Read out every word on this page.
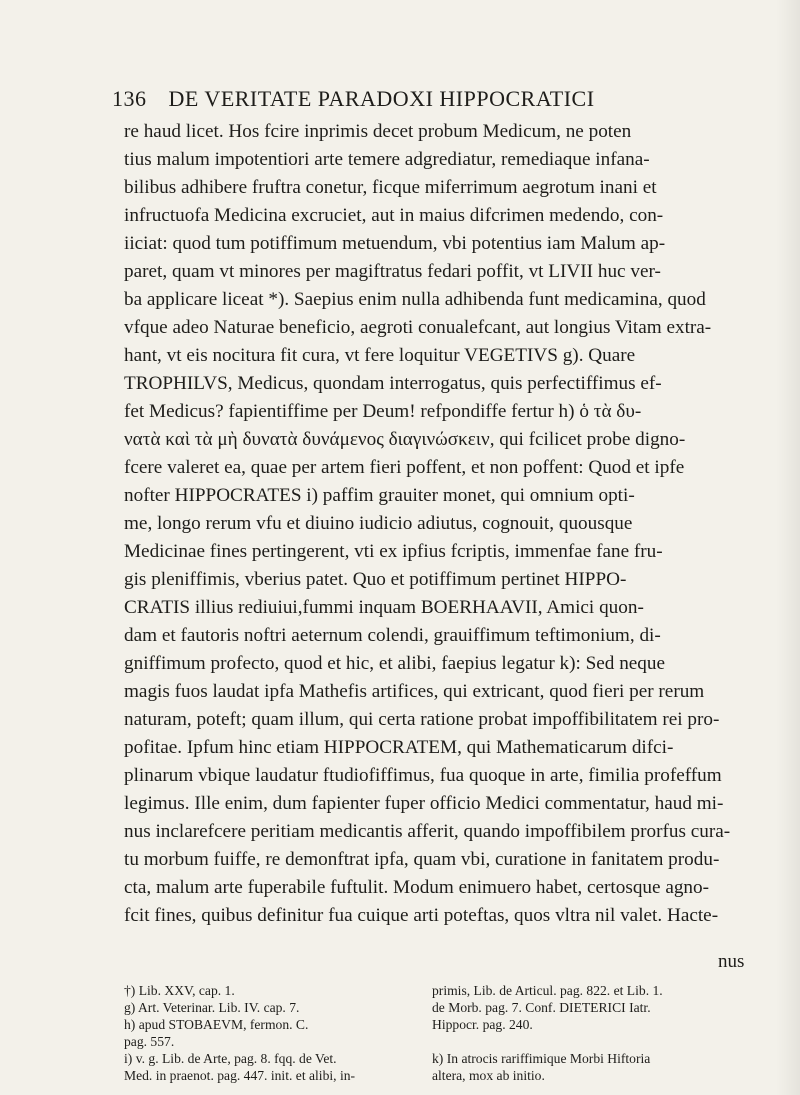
136 DE VERITATE PARADOXI HIPPOCRATICI
re haud licet. Hos fcire inprimis decet probum Medicum, ne poten
tius malum impotentiori arte temere adgrediatur, remediaque infana-
bilibus adhibere fruftra conetur, ficque miferrimum aegrotum inani et
infructuofa Medicina excruciet, aut in maius difcrimen medendo, con-
iiciat: quod tum potiffimum metuendum, vbi potentius iam Malum ap-
paret, quam vt minores per magiftratus fedari poffit, vt LIVII huc ver-
ba applicare liceat *). Saepius enim nulla adhibenda funt medicamina, quod
vfque adeo Naturae beneficio, aegroti conualefcant, aut longius Vitam extra-
hant, vt eis nocitura fit cura, vt fere loquitur VEGETIVS g). Quare
TROPHILVS, Medicus, quondam interrogatus, quis perfectiffimus ef-
fet Medicus? fapientiffime per Deum! refpondiffe fertur h) ὁ τὰ δυ-
νατὰ καὶ τὰ μὴ δυνατὰ δυνάμενος διαγινώσκειν, qui fcilicet probe digno-
fcere valeret ea, quae per artem fieri poffent, et non poffent: Quod et ipfe
nofter HIPPOCRATES i) paffim grauiter monet, qui omnium opti-
me, longo rerum vfu et diuino iudicio adiutus, cognouit, quousque
Medicinae fines pertingerent, vti ex ipfius fcriptis, immenfae fane fru-
gis pleniffimis, vberius patet. Quo et potiffimum pertinet HIPPO-
CRATIS illius rediuiui,fummi inquam BOERHAAVII, Amici quon-
dam et fautoris noftri aeternum colendi, grauiffimum teftimonium, di-
gniffimum profecto, quod et hic, et alibi, faepius legatur k): Sed neque
magis fuos laudat ipfa Mathefis artifices, qui extricant, quod fieri per rerum
naturam, poteft; quam illum, qui certa ratione probat impoffibilitatem rei pro-
pofitae. Ipfum hinc etiam HIPPOCRATEM, qui Mathematicarum difci-
plinarum vbique laudatur ftudiofiffimus, fua quoque in arte, fimilia profeffum
legimus. Ille enim, dum fapienter fuper officio Medici commentatur, haud mi-
nus inclarefcere peritiam medicantis afferit, quando impoffibilem prorfus cura-
tu morbum fuiffe, re demonftrat ipfa, quam vbi, curatione in fanitatem produ-
cta, malum arte fuperabile fuftulit. Modum enimuero habet, certosque agno-
fcit fines, quibus definitur fua cuique arti poteftas, quos vltra nil valet. Hacte-
nus
†) Lib. XXV, cap. 1.
g) Art. Veterinar. Lib. IV. cap. 7.
h) apud STOBAEVM, fermon. C.
pag. 557.
i) v. g. Lib. de Arte, pag. 8. fqq. de Vet.
Med. in praenot. pag. 447. init. et alibi, in-
primis, Lib. de Articul. pag. 822. et Lib. 1.
de Morb. pag. 7. Conf. DIETERICI Iatr.
Hippocr. pag. 240.
k) In atrocis rariffimique Morbi Hiftoria
altera, mox ab initio.
